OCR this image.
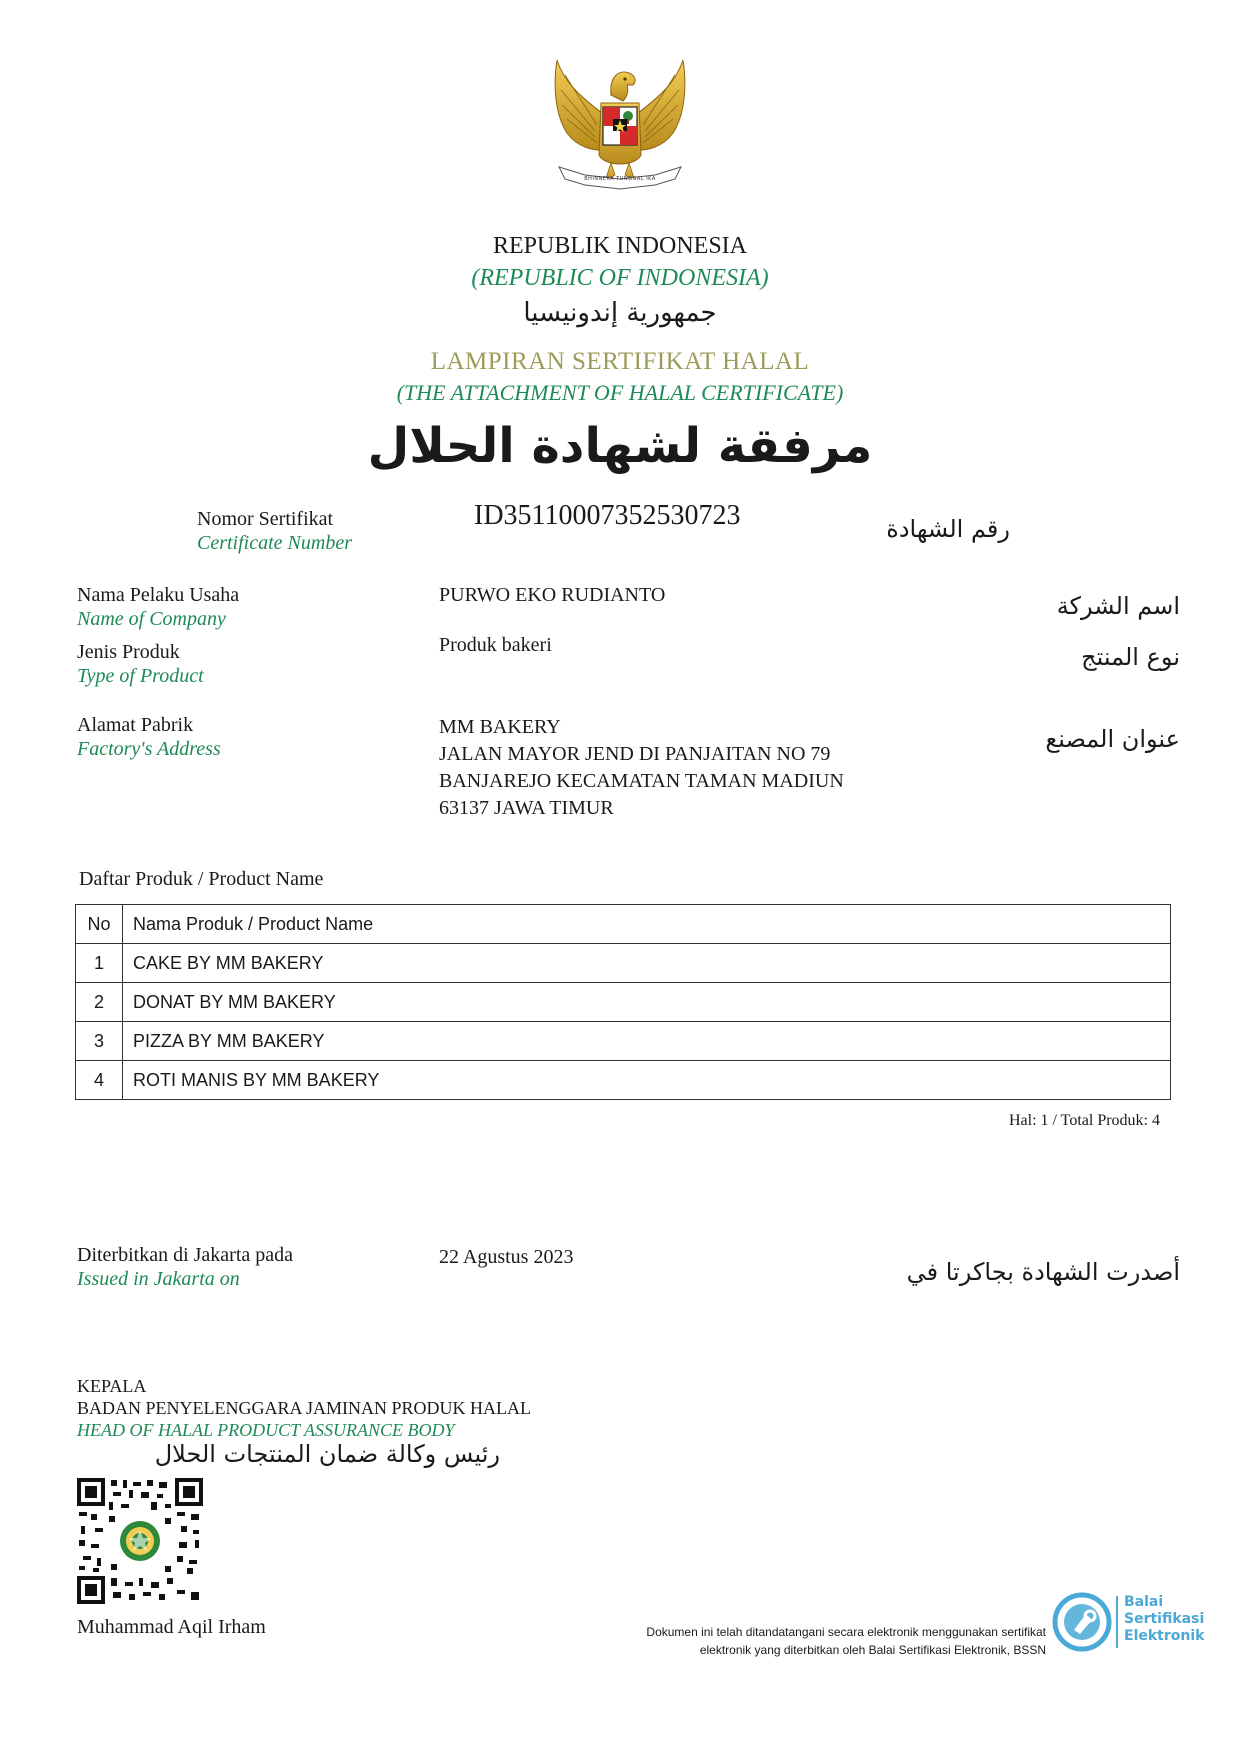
BHINNEKA TUNGGAL IKA
REPUBLIK INDONESIA
(REPUBLIC OF INDONESIA)
جمهورية إندونيسيا
LAMPIRAN SERTIFIKAT HALAL
(THE ATTACHMENT OF HALAL CERTIFICATE)
مرفقة لشهادة الحلال
Nomor Sertifikat
Certificate Number
ID35110007352530723	رقم الشهادة
Nama Pelaku Usaha
Name of Company
PURWO EKO RUDIANTO	اسم الشركة
Jenis Produk
Type of Product
Produk bakeri	نوع المنتج
Alamat Pabrik
Factory's Address
MM BAKERY
JALAN MAYOR JEND DI PANJAITAN NO 79
BANJAREJO KECAMATAN TAMAN MADIUN
63137 JAWA TIMUR
عنوان المصنع
Daftar Produk / Product Name
No	Nama Produk / Product Name
1	CAKE BY MM BAKERY
2	DONAT BY MM BAKERY
3	PIZZA BY MM BAKERY
4	ROTI MANIS BY MM BAKERY
Hal: 1 / Total Produk: 4
Diterbitkan di Jakarta pada
Issued in Jakarta on
22 Agustus 2023
أصدرت الشهادة بجاكرتا في
KEPALA
BADAN PENYELENGGARA JAMINAN PRODUK HALAL
HEAD OF HALAL PRODUCT ASSURANCE BODY
رئيس وكالة ضمان المنتجات الحلال
Muhammad Aqil Irham	Dokumen ini telah ditandatangani secara elektronik menggunakan sertifikat
elektronik yang diterbitkan oleh Balai Sertifikasi Elektronik, BSSN
Balai
Sertifikasi
Elektronik
